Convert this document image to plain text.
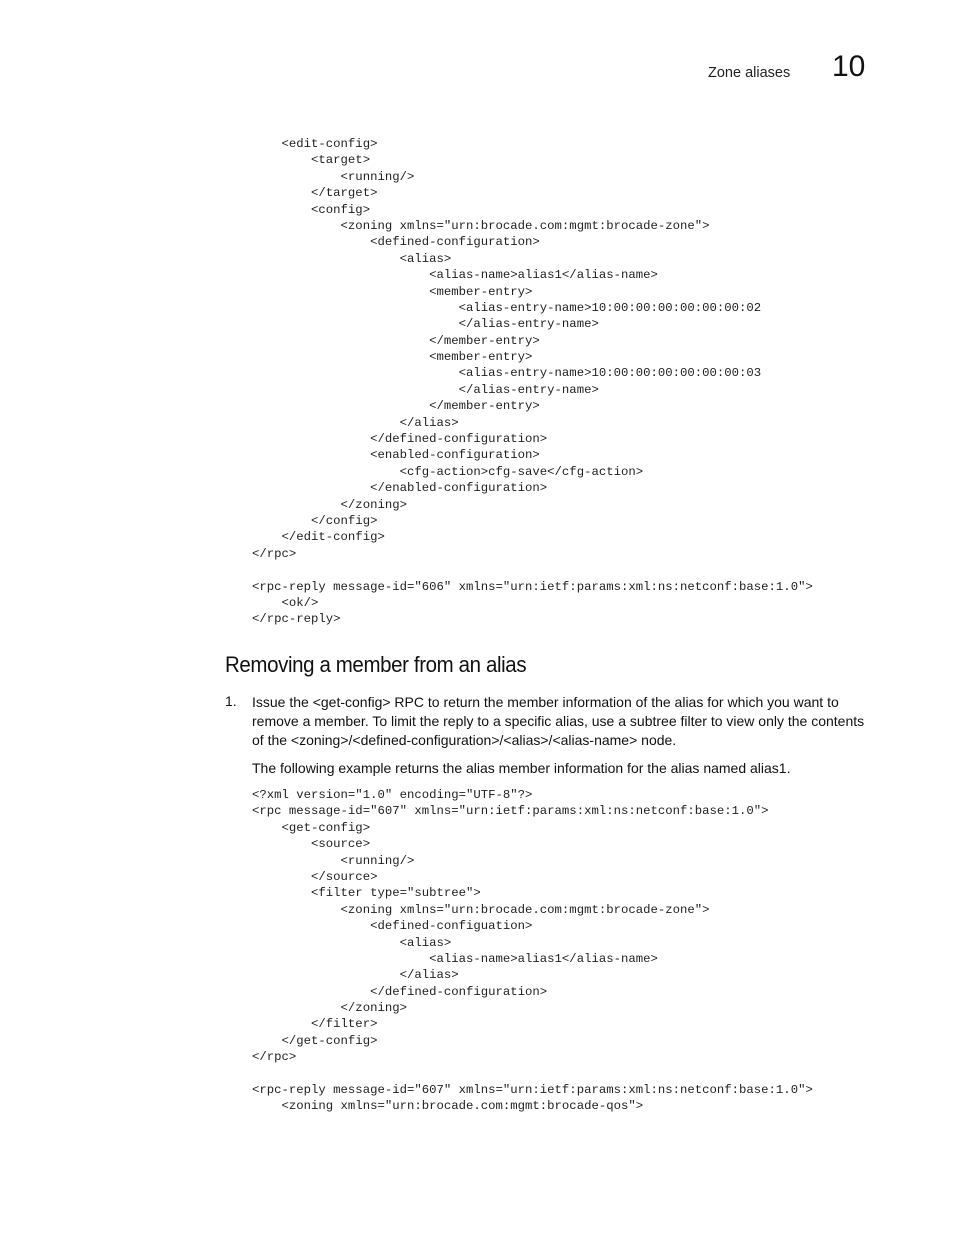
Zone aliases 10
<edit-config>
<target>
<running/>
</target>
<config>
<zoning xmlns="urn:brocade.com:mgmt:brocade-zone">
<defined-configuration>
<alias>
<alias-name>alias1</alias-name>
<member-entry>
<alias-entry-name>10:00:00:00:00:00:00:02
</alias-entry-name>
</member-entry>
<member-entry>
<alias-entry-name>10:00:00:00:00:00:00:03
</alias-entry-name>
</member-entry>
</alias>
</defined-configuration>
<enabled-configuration>
<cfg-action>cfg-save</cfg-action>
</enabled-configuration>
</zoning>
</config>
</edit-config>
</rpc>
<rpc-reply message-id="606" xmlns="urn:ietf:params:xml:ns:netconf:base:1.0">
<ok/>
</rpc-reply>
Removing a member from an alias
1. Issue the <get-config> RPC to return the member information of the alias for which you want to remove a member. To limit the reply to a specific alias, use a subtree filter to view only the contents of the <zoning>/<defined-configuration>/<alias>/<alias-name> node.

The following example returns the alias member information for the alias named alias1.

<?xml version="1.0" encoding="UTF-8"?>
<rpc message-id="607" xmlns="urn:ietf:params:xml:ns:netconf:base:1.0">
<get-config>
<source>
<running/>
</source>
<filter type="subtree">
<zoning xmlns="urn:brocade.com:mgmt:brocade-zone">
<defined-configuation>
<alias>
<alias-name>alias1</alias-name>
</alias>
</defined-configuration>
</zoning>
</filter>
</get-config>
</rpc>
<rpc-reply message-id="607" xmlns="urn:ietf:params:xml:ns:netconf:base:1.0">
<zoning xmlns="urn:brocade.com:mgmt:brocade-qos">
